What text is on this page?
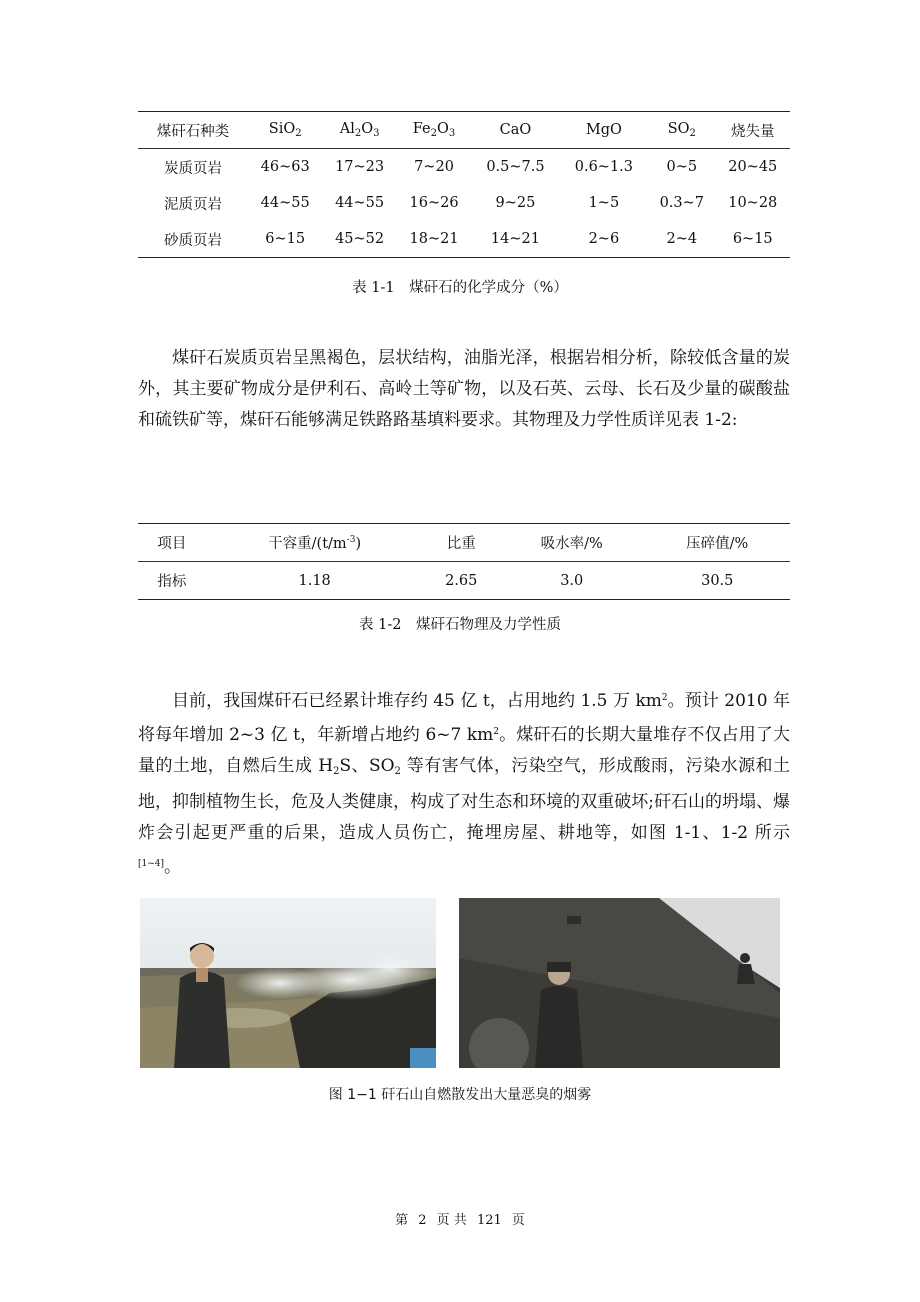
煤矸石种类	SiO$_2$	$Al_2O_3$	$Fe_2O_3$	CaO	MgO	$SO_2$	烧失量
炭质页岩	46~63	17~23	7~20	0.5~7.5	0.6~1.3	0~5	20~45
泥质页岩	44~55	44~55	16~26	9~25	1~5	0.3~7	10~28
砂质页岩	6~15	45~52	18~21	14~21	2~6	2~4	6~15
表 1-1　煤矸石的化学成分（%）

煤矸石炭质页岩呈黑褐色，层状结构，油脂光泽，根据岩相分析，除较低含量的炭外，其主要矿物成分是伊利石、高岭土等矿物，以及石英、云母、长石及少量的碳酸盐和硫铁矿等，煤矸石能够满足铁路路基填料要求。其物理及力学性质详见表 1-2:

项目	干容重$/(t/m^{-3})$	比重	吸水率/%	压碎值/%
指标	1.18	2.65	3.0	30.5
表 1-2　煤矸石物理及力学性质

目前，我国煤矸石已经累计堆存约 45 亿 t，占用地约 1.5 万 $km^2$。预计 2010 年将每年增加 2~3 亿 t，年新增占地约 6~7 $km^2$。煤矸石的长期大量堆存不仅占用了大量的土地，自燃后生成 $H_2S$、$SO_2$ 等有害气体，污染空气，形成酸雨，污染水源和土地，抑制植物生长，危及人类健康，构成了对生态和环境的双重破坏;矸石山的坍塌、爆炸会引起更严重的后果，造成人员伤亡，掩埋房屋、耕地等，如图 1-1、1-2 所示[1~4]。

图 1−1 矸石山自燃散发出大量恶臭的烟雾
第 2 页 共 121 页
